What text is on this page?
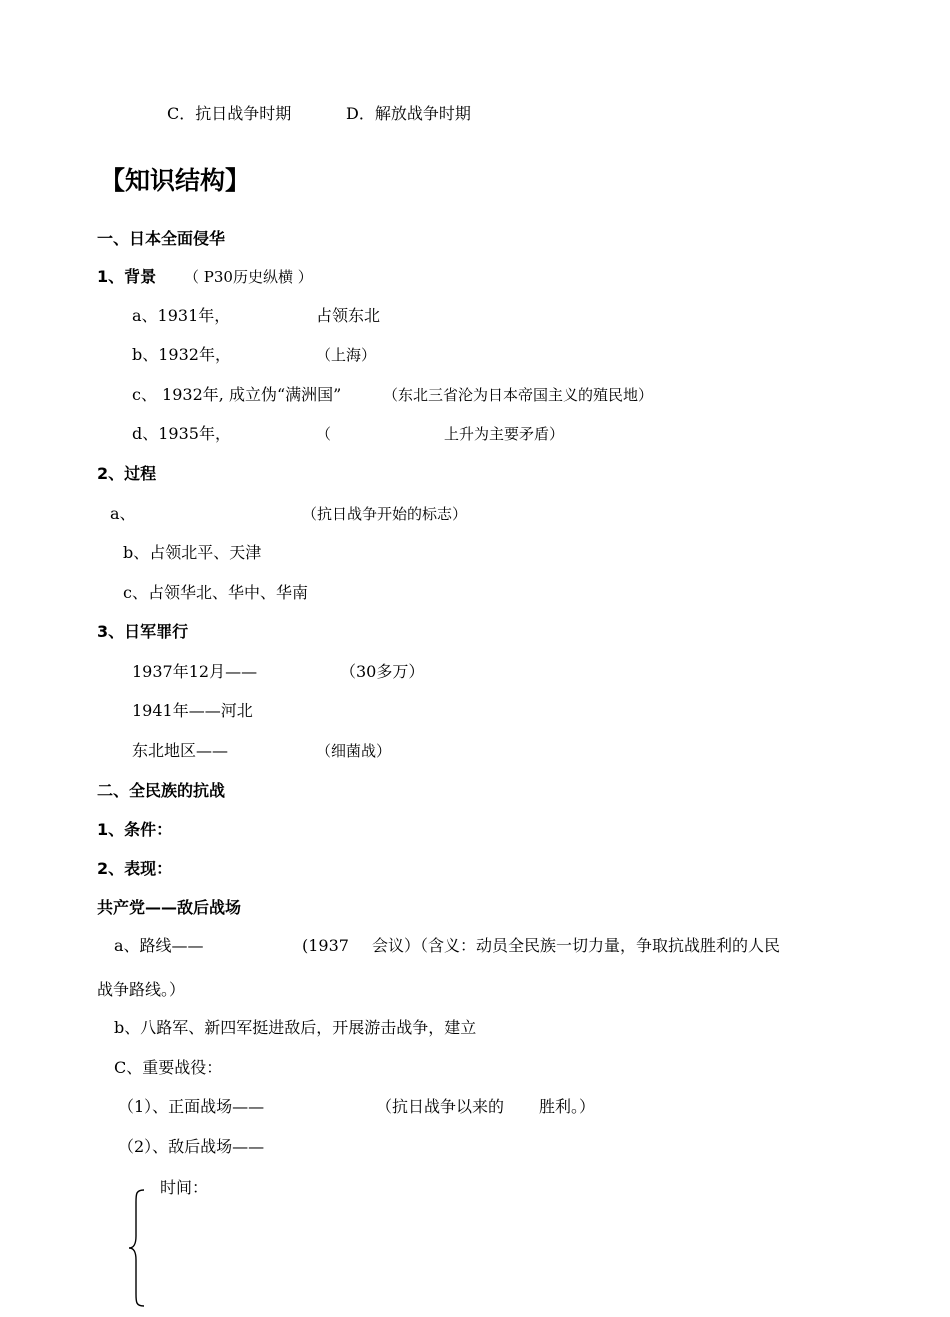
C．抗日战争时期	D．解放战争时期
【知识结构】
一、日本全面侵华
1、背景 （ P30历史纵横 ）
a、1931年，	占领东北
b、1932年，	（上海）
c、 1932年, 成立伪“满洲国”	（东北三省沦为日本帝国主义的殖民地）
d、1935年，	（	上升为主要矛盾）
2、过程
a、	（抗日战争开始的标志）
b、占领北平、天津
c、占领华北、华中、华南
3、日军罪行
1937年12月——	（30多万）
1941年——河北
东北地区——	（细菌战）
二、全民族的抗战
1、条件：
2、表现：
共产党——敌后战场
a、路线——	(1937 会议）（含义：动员全民族一切力量，争取抗战胜利的人民
战争路线。）
b、八路军、新四军挺进敌后，开展游击战争，建立
C、重要战役：
（1）、正面战场——	（抗日战争以来的 胜利。）
（2）、敌后战场——
时间：
